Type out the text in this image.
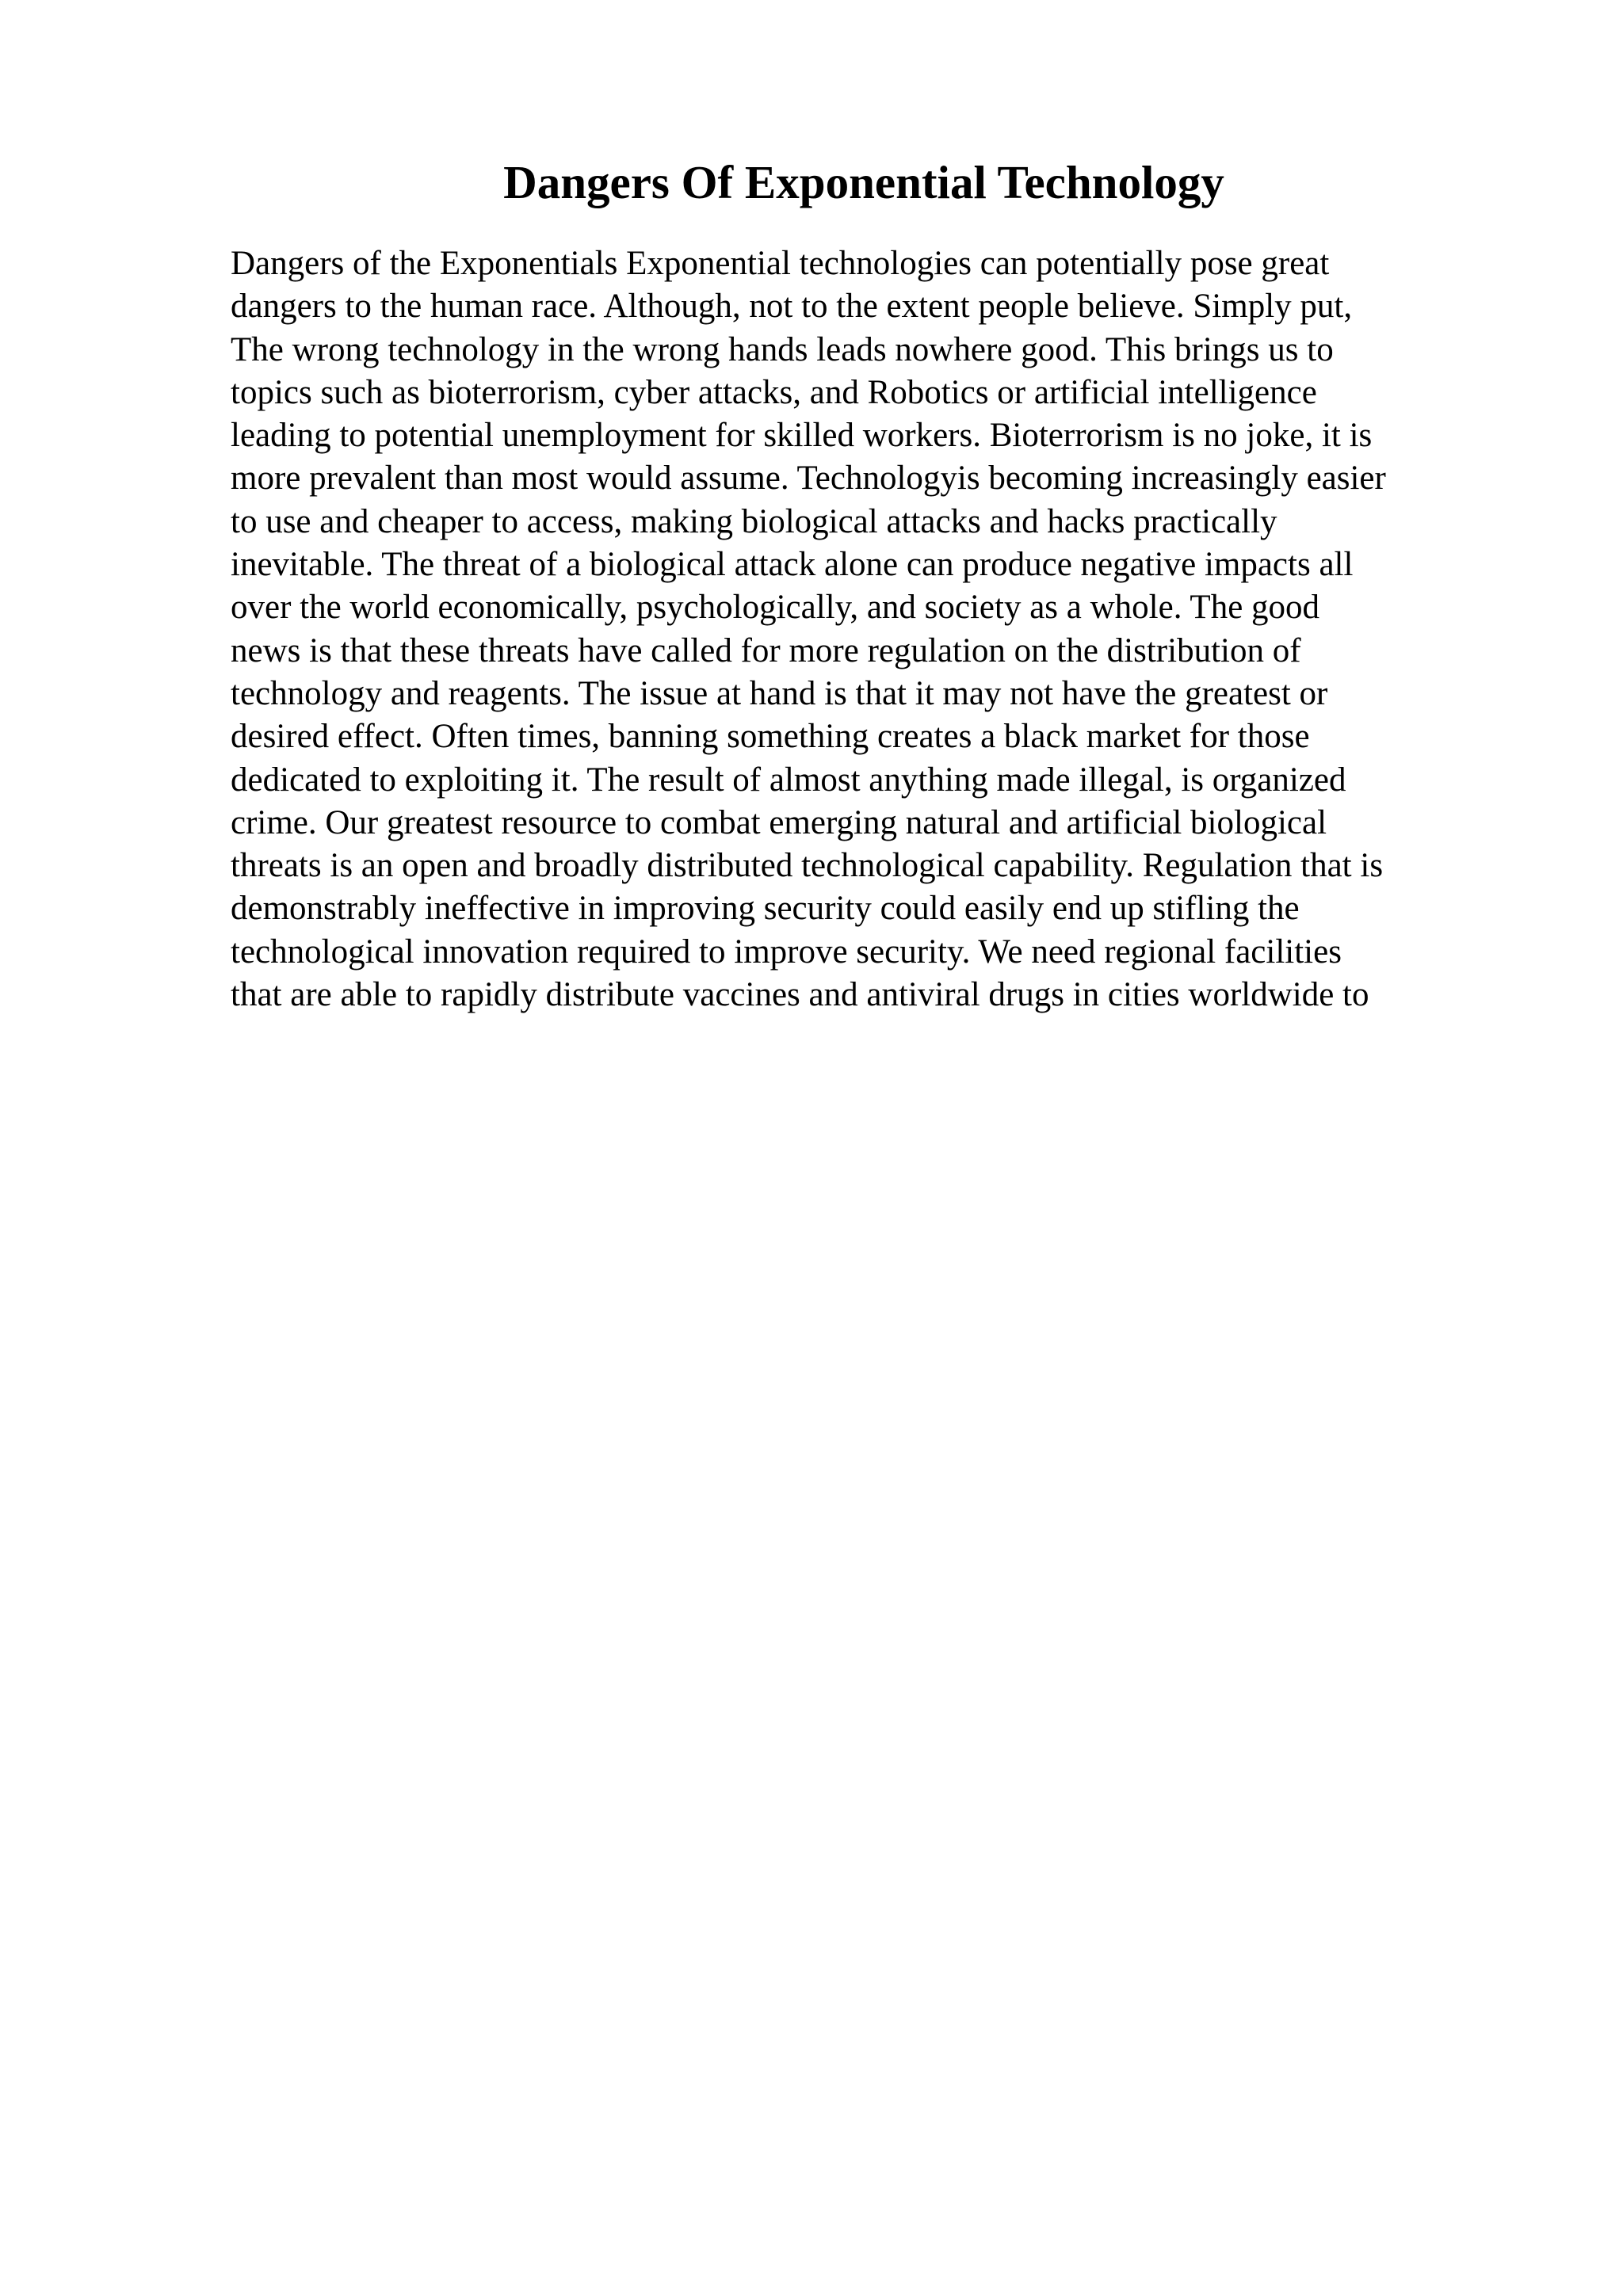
Dangers Of Exponential Technology
Dangers of the Exponentials Exponential technologies can potentially pose great
dangers to the human race. Although, not to the extent people believe. Simply put,
The wrong technology in the wrong hands leads nowhere good. This brings us to
topics such as bioterrorism, cyber attacks, and Robotics or artificial intelligence
leading to potential unemployment for skilled workers. Bioterrorism is no joke, it is
more prevalent than most would assume. Technologyis becoming increasingly easier
to use and cheaper to access, making biological attacks and hacks practically
inevitable. The threat of a biological attack alone can produce negative impacts all
over the world economically, psychologically, and society as a whole. The good
news is that these threats have called for more regulation on the distribution of
technology and reagents. The issue at hand is that it may not have the greatest or
desired effect. Often times, banning something creates a black market for those
dedicated to exploiting it. The result of almost anything made illegal, is organized
crime. Our greatest resource to combat emerging natural and artificial biological
threats is an open and broadly distributed technological capability. Regulation that is
demonstrably ineffective in improving security could easily end up stifling the
technological innovation required to improve security. We need regional facilities
that are able to rapidly distribute vaccines and antiviral drugs in cities worldwide to
